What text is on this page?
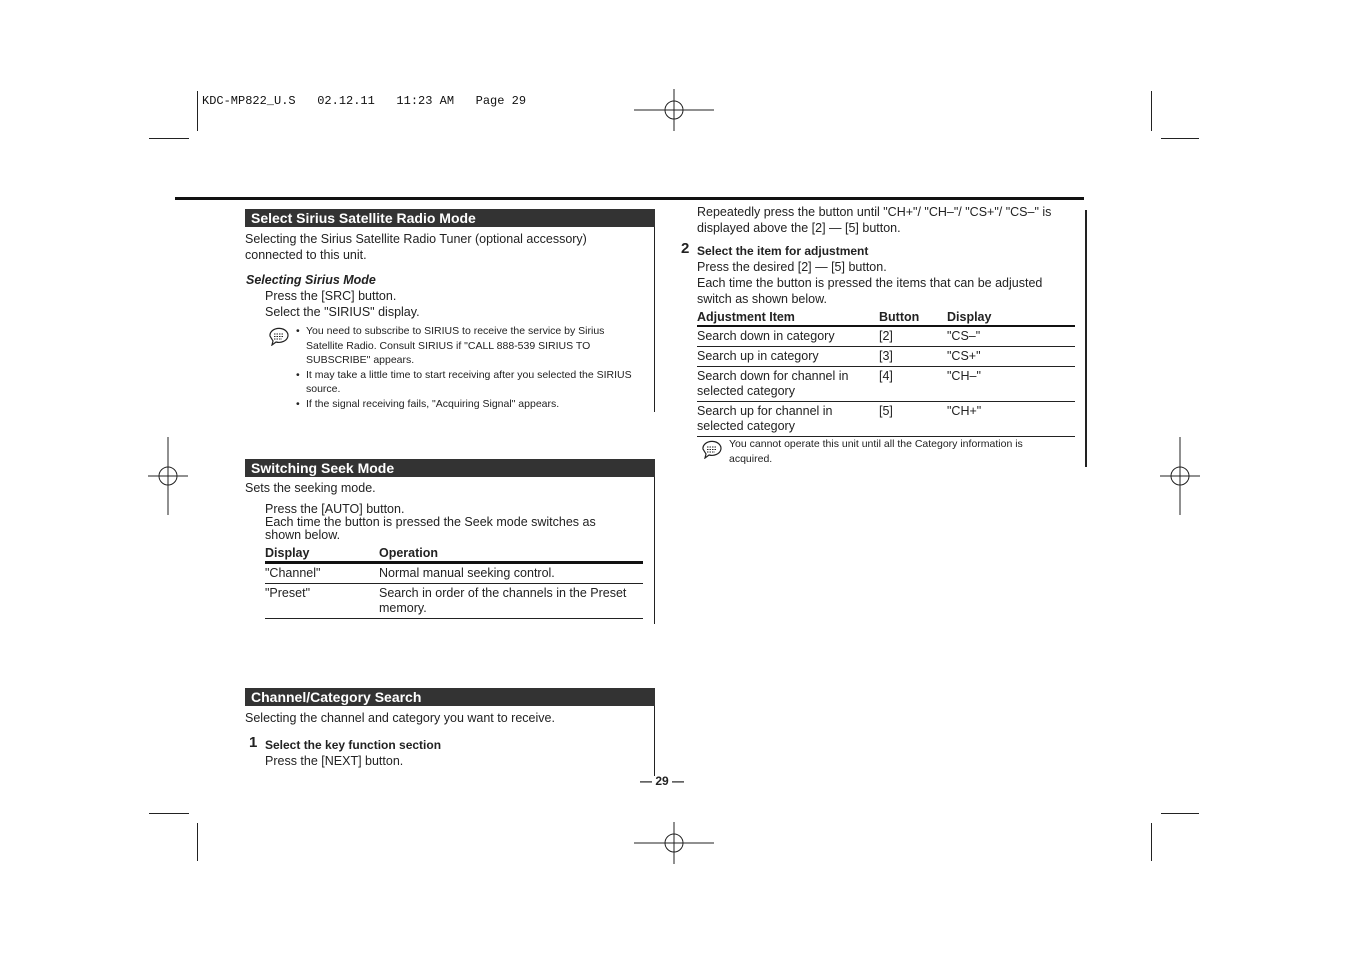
KDC-MP822_U.S   02.12.11   11:23 AM   Page 29
Select Sirius Satellite Radio Mode
Selecting the Sirius Satellite Radio Tuner (optional accessory) connected to this unit.
Selecting Sirius Mode
Press the [SRC] button.
Select the "SIRIUS" display.
• You need to subscribe to SIRIUS to receive the service by Sirius Satellite Radio. Consult SIRIUS if "CALL 888-539 SIRIUS TO SUBSCRIBE" appears.
• It may take a little time to start receiving after you selected the SIRIUS source.
• If the signal receiving fails, "Acquiring Signal" appears.
Switching Seek Mode
Sets the seeking mode.
Press the [AUTO] button.
Each time the button is pressed the Seek mode switches as shown below.
Display	Operation
"Channel"	Normal manual seeking control.
"Preset"	Search in order of the channels in the Preset memory.
Channel/Category Search
Selecting the channel and category you want to receive.
1 Select the key function section
Press the [NEXT] button.
Repeatedly press the button until "CH+"/ "CH–"/ "CS+"/ "CS–" is displayed above the [2] — [5] button.
2 Select the item for adjustment
Press the desired [2] — [5] button.
Each time the button is pressed the items that can be adjusted switch as shown below.
Adjustment Item	Button	Display
Search down in category	[2]	"CS–"
Search up in category	[3]	"CS+"
Search down for channel in selected category	[4]	"CH–"
Search up for channel in selected category	[5]	"CH+"
You cannot operate this unit until all the Category information is acquired.
— 29 —
